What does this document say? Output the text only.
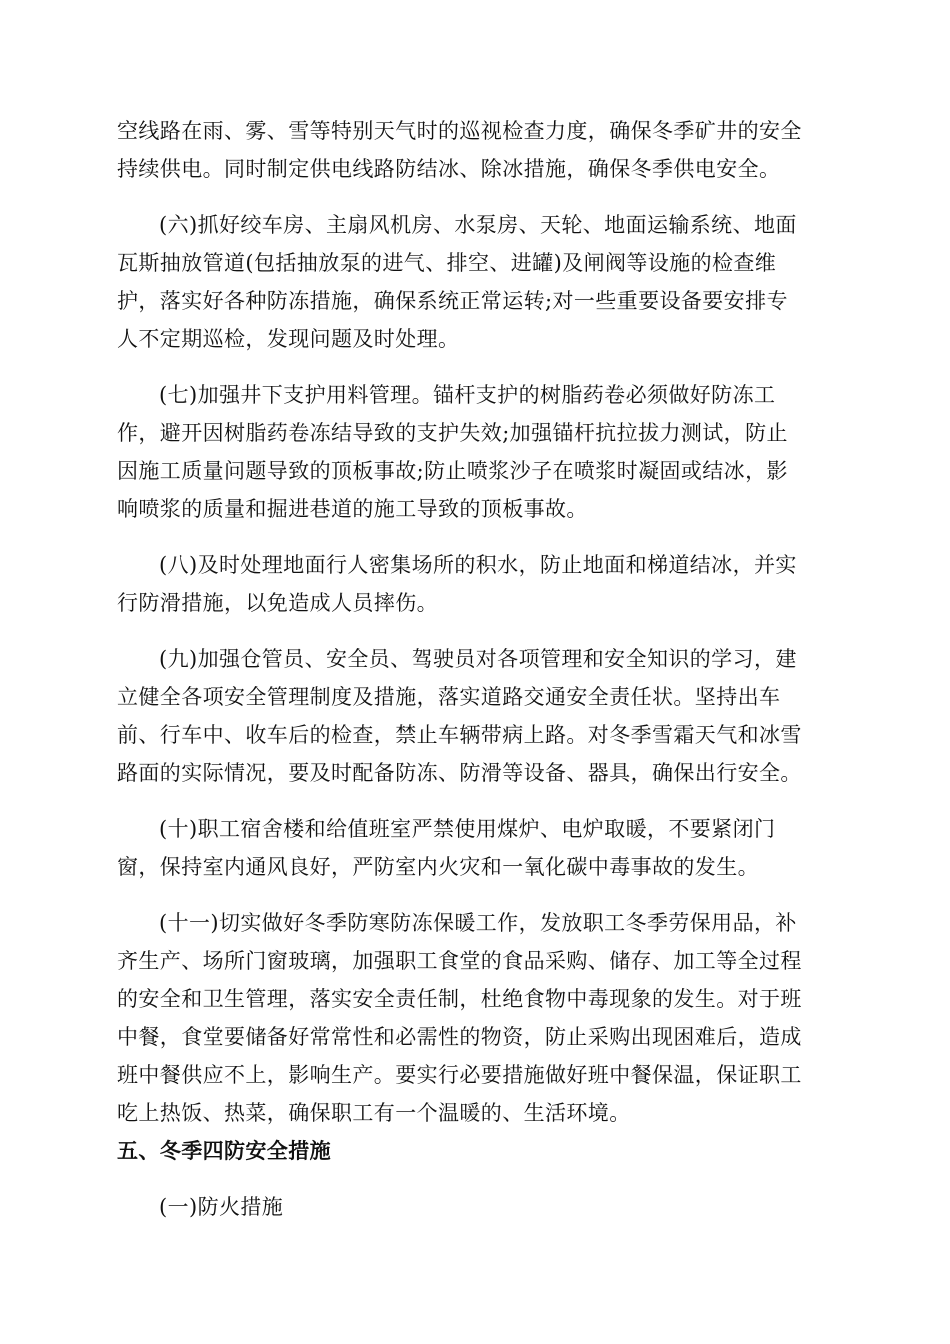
空线路在雨、雾、雪等特别天气时的巡视检查力度，确保冬季矿井的安全
持续供电。同时制定供电线路防结冰、除冰措施，确保冬季供电安全。

(六)抓好绞车房、主扇风机房、水泵房、天轮、地面运输系统、地面
瓦斯抽放管道(包括抽放泵的进气、排空、进罐)及闸阀等设施的检查维
护，落实好各种防冻措施，确保系统正常运转;对一些重要设备要安排专
人不定期巡检，发现问题及时处理。

(七)加强井下支护用料管理。锚杆支护的树脂药卷必须做好防冻工
作，避开因树脂药卷冻结导致的支护失效;加强锚杆抗拉拔力测试，防止
因施工质量问题导致的顶板事故;防止喷浆沙子在喷浆时凝固或结冰，影
响喷浆的质量和掘进巷道的施工导致的顶板事故。

(八)及时处理地面行人密集场所的积水，防止地面和梯道结冰，并实
行防滑措施，以免造成人员摔伤。

(九)加强仓管员、安全员、驾驶员对各项管理和安全知识的学习，建
立健全各项安全管理制度及措施，落实道路交通安全责任状。坚持出车
前、行车中、收车后的检查，禁止车辆带病上路。对冬季雪霜天气和冰雪
路面的实际情况，要及时配备防冻、防滑等设备、器具，确保出行安全。

(十)职工宿舍楼和给值班室严禁使用煤炉、电炉取暖，不要紧闭门
窗，保持室内通风良好，严防室内火灾和一氧化碳中毒事故的发生。

(十一)切实做好冬季防寒防冻保暖工作，发放职工冬季劳保用品，补
齐生产、场所门窗玻璃，加强职工食堂的食品采购、储存、加工等全过程
的安全和卫生管理，落实安全责任制，杜绝食物中毒现象的发生。对于班
中餐，食堂要储备好常常性和必需性的物资，防止采购出现困难后，造成
班中餐供应不上，影响生产。要实行必要措施做好班中餐保温，保证职工
吃上热饭、热菜，确保职工有一个温暖的、生活环境。

五、冬季四防安全措施

(一)防火措施
